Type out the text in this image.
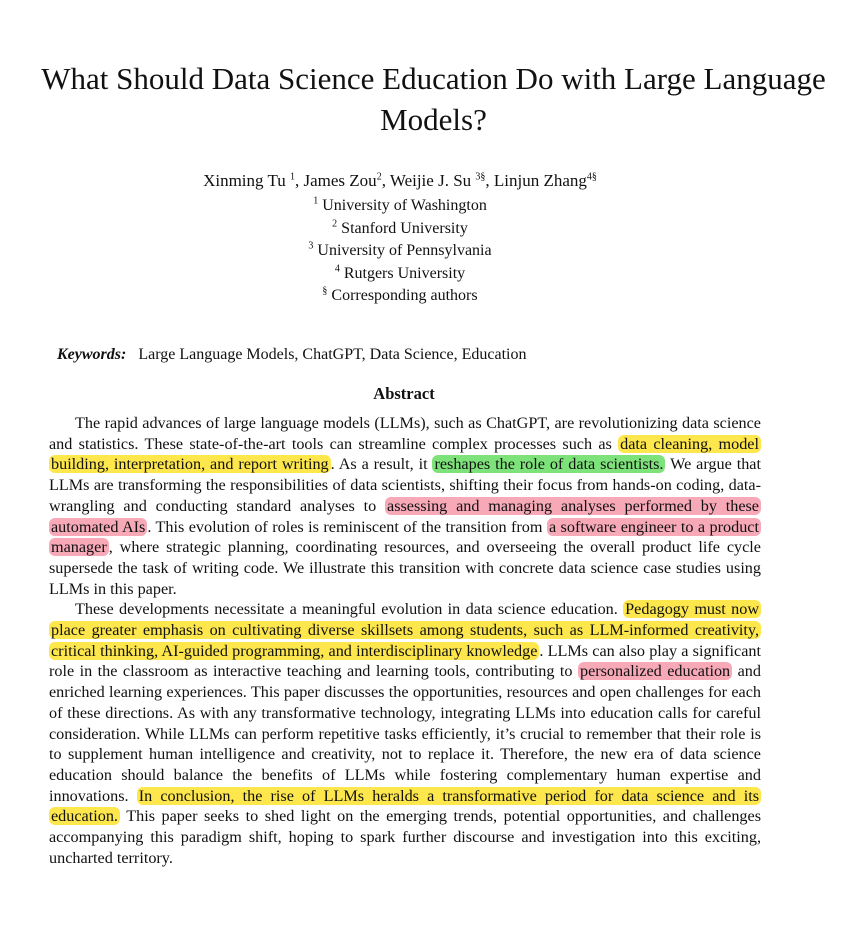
What Should Data Science Education Do with Large Language Models?
Xinming Tu $^1$, James Zou$^2$, Weijie J. Su $^{3\S}$, Linjun Zhang$^{4\S}$
$^1$ University of Washington
$^2$ Stanford University
$^3$ University of Pennsylvania
$^4$ Rutgers University
§ Corresponding authors
Keywords: Large Language Models, ChatGPT, Data Science, Education
Abstract

The rapid advances of large language models (LLMs), such as ChatGPT, are revolutionizing data science and statistics. These state-of-the-art tools can streamline complex processes such as data cleaning, model building, interpretation, and report writing . As a result, it reshapes the role of data scientists. We argue that LLMs are transforming the responsibilities of data scientists, shifting their focus from hands-on coding, data-wrangling and conducting standard analyses to assessing and managing analyses performed by these automated AIs . This evolution of roles is reminiscent of the transition from a software engineer to a product manager , where strategic planning, coordinating resources, and overseeing the overall product life cycle supersede the task of writing code. We illustrate this transition with concrete data science case studies using LLMs in this paper.

These developments necessitate a meaningful evolution in data science education. Pedagogy must now place greater emphasis on cultivating diverse skillsets among students, such as LLM-informed creativity, critical thinking, AI-guided programming, and interdisciplinary knowledge . LLMs can also play a significant role in the classroom as interactive teaching and learning tools, contributing to personalized education and enriched learning experiences. This paper discusses the opportunities, resources and open challenges for each of these directions. As with any transformative technology, integrating LLMs into education calls for careful consideration. While LLMs can perform repetitive tasks efficiently, it’s crucial to remember that their role is to supplement human intelligence and creativity, not to replace it. Therefore, the new era of data science education should balance the benefits of LLMs while fostering complementary human expertise and innovations. In conclusion, the rise of LLMs heralds a transformative period for data science and its education. This paper seeks to shed light on the emerging trends, potential opportunities, and challenges accompanying this paradigm shift, hoping to spark further discourse and investigation into this exciting, uncharted territory.
